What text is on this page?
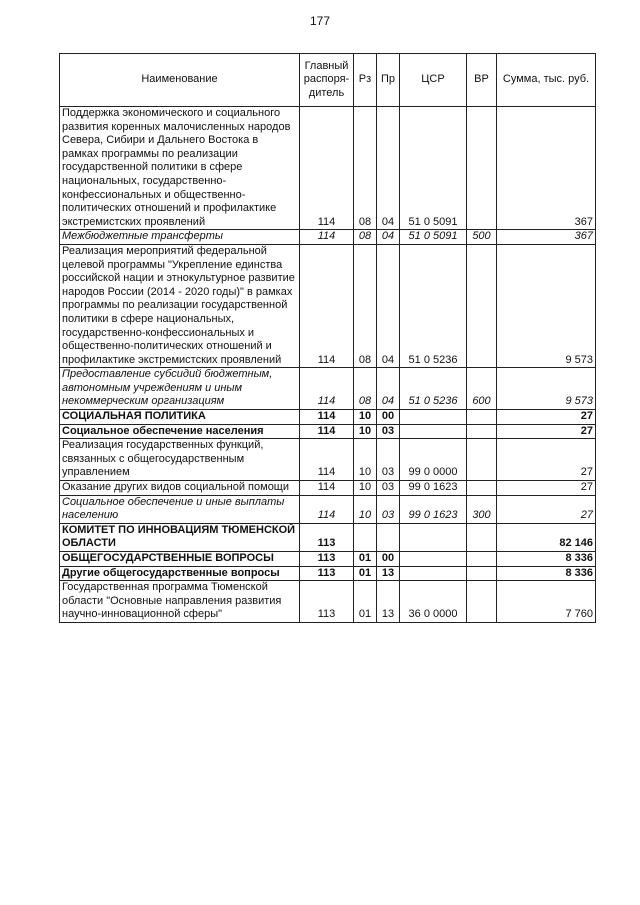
177
Наименование	Главный распоря-дитель	Рз	Пр	ЦСР	ВР	Сумма, тыс. руб.
Поддержка экономического и социального развития коренных малочисленных народов Севера, Сибири и Дальнего Востока в рамках программы по реализации государственной политики в сфере национальных, государственно-конфессиональных и общественно-политических отношений и профилактике экстремистских проявлений	114	08	04	51 0 5091		367
Межбюджетные трансферты	114	08	04	51 0 5091	500	367
Реализация мероприятий федеральной целевой программы "Укрепление единства российской нации и этнокультурное развитие народов России (2014 - 2020 годы)" в рамках программы по реализации государственной политики в сфере национальных, государственно-конфессиональных и общественно-политических отношений и профилактике экстремистских проявлений	114	08	04	51 0 5236		9 573
Предоставление субсидий бюджетным, автономным учреждениям и иным некоммерческим организациям	114	08	04	51 0 5236	600	9 573
СОЦИАЛЬНАЯ ПОЛИТИКА	114	10	00			27
Социальное обеспечение населения	114	10	03			27
Реализация государственных функций, связанных с общегосударственным управлением	114	10	03	99 0 0000		27
Оказание других видов социальной помощи	114	10	03	99 0 1623		27
Социальное обеспечение и иные выплаты населению	114	10	03	99 0 1623	300	27
КОМИТЕТ ПО ИННОВАЦИЯМ ТЮМЕНСКОЙ ОБЛАСТИ	113					82 146
ОБЩЕГОСУДАРСТВЕННЫЕ ВОПРОСЫ	113	01	00			8 336
Другие общегосударственные вопросы	113	01	13			8 336
Государственная программа Тюменской области "Основные направления развития научно-инновационной сферы"	113	01	13	36 0 0000		7 760
